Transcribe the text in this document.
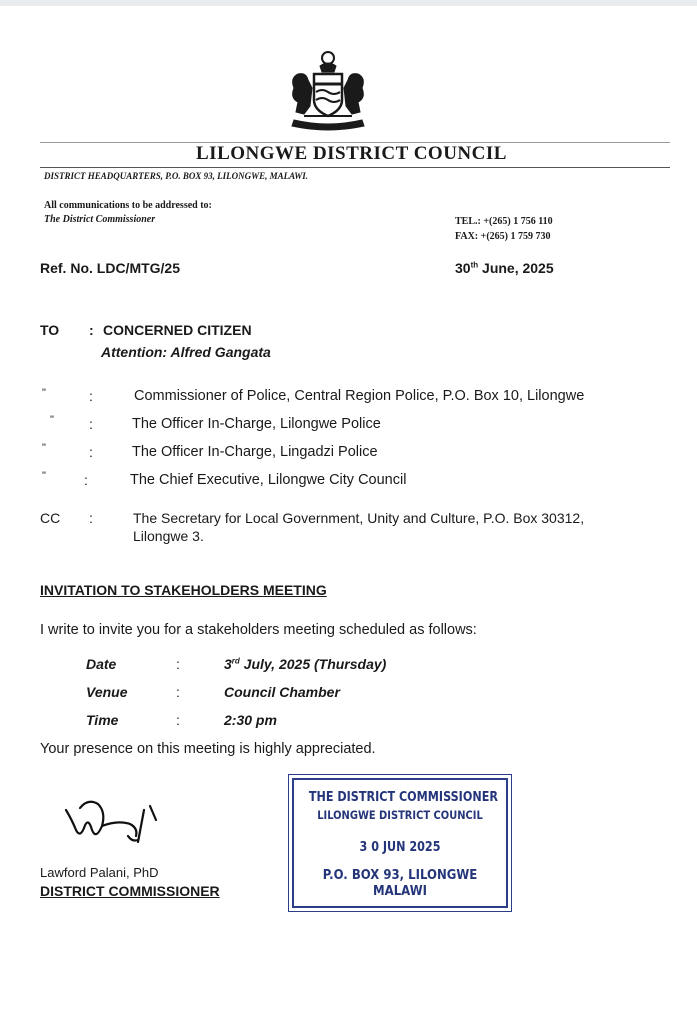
LILONGWE DISTRICT COUNCIL
DISTRICT HEADQUARTERS, P.O. BOX 93, LILONGWE, MALAWI.
All communications to be addressed to:
The District Commissioner	TEL.: +(265) 1 756 110
FAX: +(265) 1 759 730
Ref. No. LDC/MTG/25	30th June, 2025
TO : CONCERNED CITIZEN
Attention: Alfred Gangata
"	:	Commissioner of Police, Central Region Police, P.O. Box 10, Lilongwe
"	:	The Officer In-Charge, Lilongwe Police
"	:	The Officer In-Charge, Lingadzi Police
"	:	The Chief Executive, Lilongwe City Council
CC :	The Secretary for Local Government, Unity and Culture, P.O. Box 30312,
Lilongwe 3.
INVITATION TO STAKEHOLDERS MEETING
I write to invite you for a stakeholders meeting scheduled as follows:
Date	:	3rd July, 2025 (Thursday)
Venue	:	Council Chamber
Time	:	2:30 pm
Your presence on this meeting is highly appreciated.
Lawford Palani, PhD
DISTRICT COMMISSIONER
THE DISTRICT COMMISSIONER
LILONGWE DISTRICT COUNCIL
3 0 JUN 2025
P.O. BOX 93, LILONGWE
MALAWI
